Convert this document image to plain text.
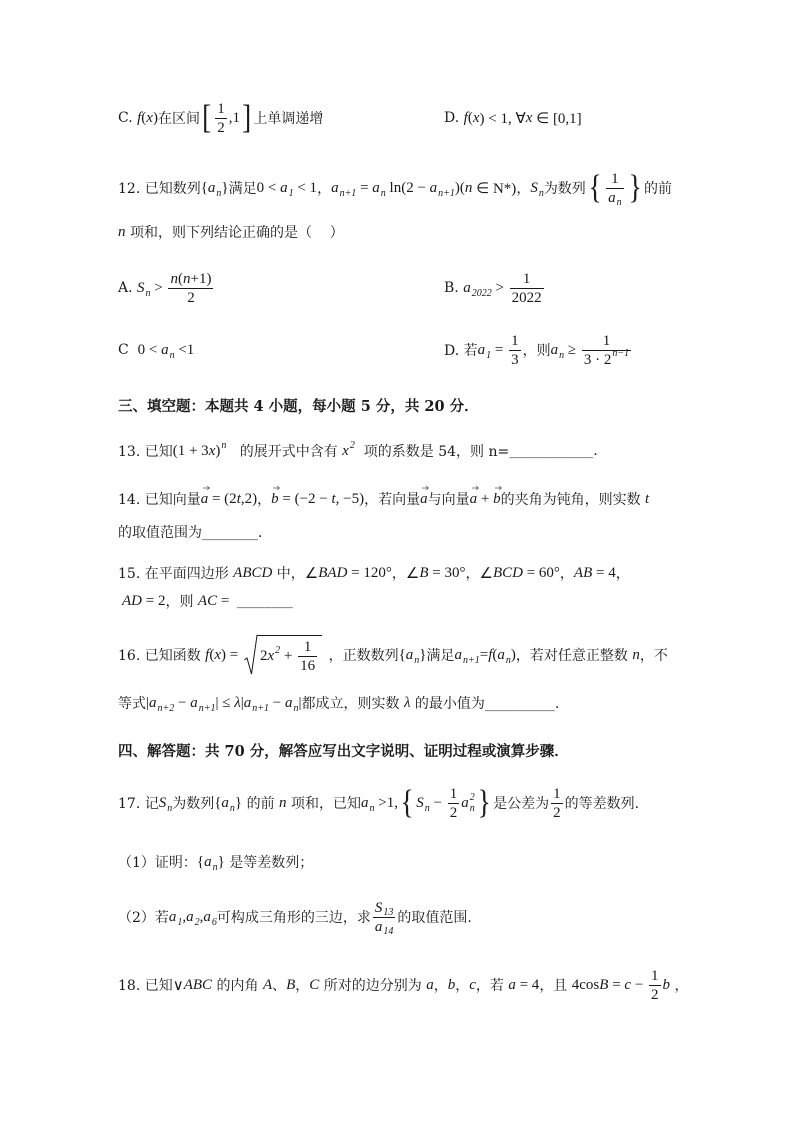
C. f ( x ) 在区间 [ $\frac{1}{2} ,1$ ] 上单调递增	D. f ( x ) < 1, ∀ x ∈ [0,1]
12. 已知数列 { a n } 满足 0 < a 1 < 1 ， a n+1 = a n ln(2 − a n+1 )( n ∈ N*) ， S n 为数列 { $\frac{1}{\text{a n}}$ } 的前
n 项和，则下列结论正确的是（    ）
A. S $n > \frac{n ( n +1)}{2}$	B. a $2022 > \frac{1}{2022}$
C 0 < a n <1	D. 若 a $1 = \frac{1}{3}$ ，则 a $n \ge \frac{1}{3 \cdot 2 n-1}$
三、填空题：本题共 4 小题，每小题 5 分，共 20 分．
13. 已知 (1 + 3 x ) n 的展开式中含有 x 2 项的系数是 54，则 n= ____________.
14. 已知向量 a = (2 t ,2) ， b = (−2 − t , −5) ，若向量 a 与向量 a + b 的夹角为钝角，则实数 t
的取值范围为________．
15. 在平面四边形 ABCD 中， ∠ BAD = 120° ， ∠ B = 30° ， ∠ BCD = 60° ， AB = 4 ，
AD = 2 ，则 AC = ________
16. 已知函数 f ( x ) = 2 x $2 + \frac{1}{16}$ ，正数数列 { a n } 满足 a n+1 = f ( a n ) ，若对任意正整数 n ，不
等式 | a n+2 − a n+1 | ≤ λ | a n+1 − a n | 都成立，则实数 λ 的最小值为__________.
四、解答题：共 70 分，解答应写出文字说明、证明过程或演算步骤．
17. 记 S n 为数列 { a n } 的前 n 项和，已知 a n >1, { S $n - \frac{1}{2}$ a 2
n } 是公差为 $\frac{1}{2}$ 的等差数列.
（1）证明： { a n } 是等差数列；
（2）若 a 1 , a 2 , a 6 可构成三角形的三边，求 $\frac{S 13}{a 14}$ 的取值范围.
18. 已知 ∨ ABC 的内角 A 、 B ， C 所对的边分别为 a ， b ， c ，若 a = 4 ，且 4cos $B = c - \frac{1}{2}$ b ，
